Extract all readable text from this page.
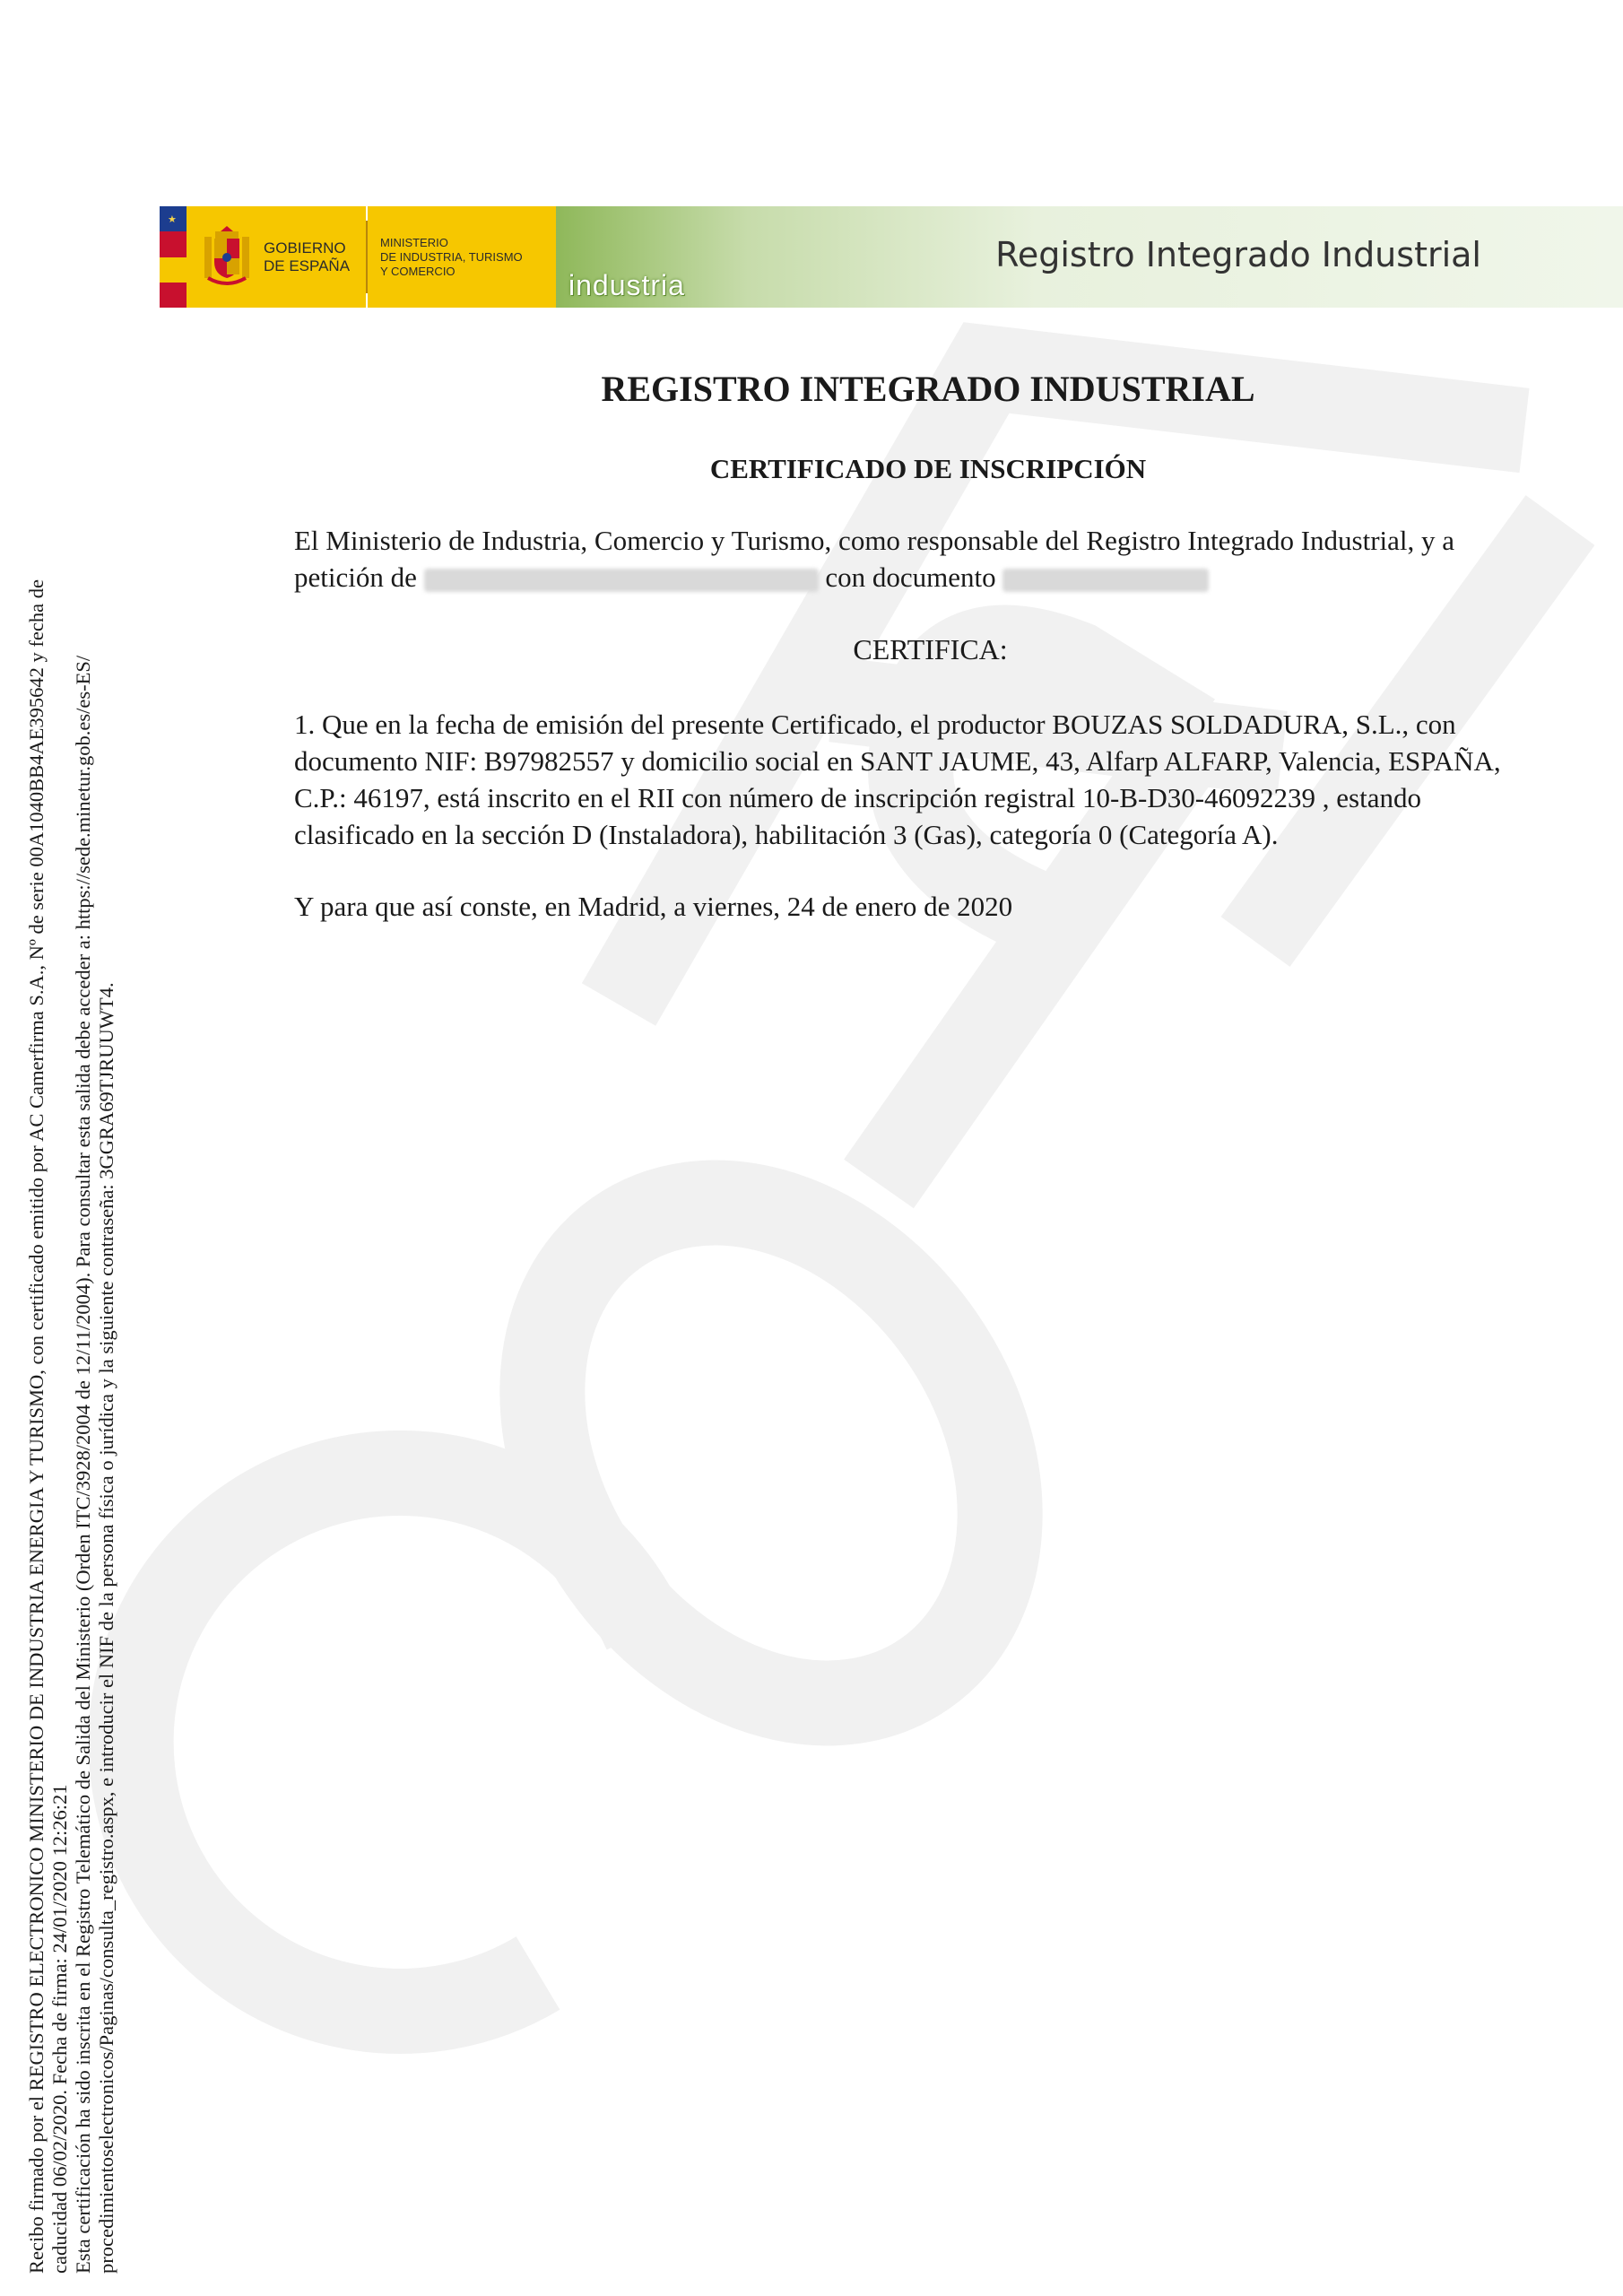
★
GOBIERNO
DE ESPAÑA
MINISTERIO
DE INDUSTRIA, TURISMO
Y COMERCIO	industria
Registro Integrado Industrial
REGISTRO INTEGRADO INDUSTRIAL
CERTIFICADO DE INSCRIPCIÓN
El Ministerio de Industria, Comercio y Turismo, como responsable del Registro Integrado Industrial, y a petición de	con documento
CERTIFICA:
1. Que en la fecha de emisión del presente Certificado, el productor BOUZAS SOLDADURA, S.L., con documento NIF: B97982557 y domicilio social en SANT JAUME, 43, Alfarp ALFARP, Valencia, ESPAÑA, C.P.: 46197, está inscrito en el RII con número de inscripción registral 10-B-D30-46092239 , estando clasificado en la sección D (Instaladora), habilitación 3 (Gas), categoría 0 (Categoría A).
Y para que así conste, en Madrid, a viernes, 24 de enero de 2020
Recibo firmado por el REGISTRO ELECTRONICO MINISTERIO DE INDUSTRIA ENERGIA Y TURISMO, con certificado emitido por AC Camerfirma S.A., Nº de serie 00A1040BB4AE395642 y fecha de caducidad 06/02/2020. Fecha de firma: 24/01/2020 12:26:21 Esta certificación ha sido inscrita en el Registro Telemático de Salida del Ministerio (Orden ITC/3928/2004 de 12/11/2004). Para consultar esta salida debe acceder a: https://sede.minetur.gob.es/es-ES/ procedimientoselectronicos/Paginas/consulta_registro.aspx, e introducir el NIF de la persona física o jurídica y la siguiente contraseña: 3GGRA69TJRUUWT4.
